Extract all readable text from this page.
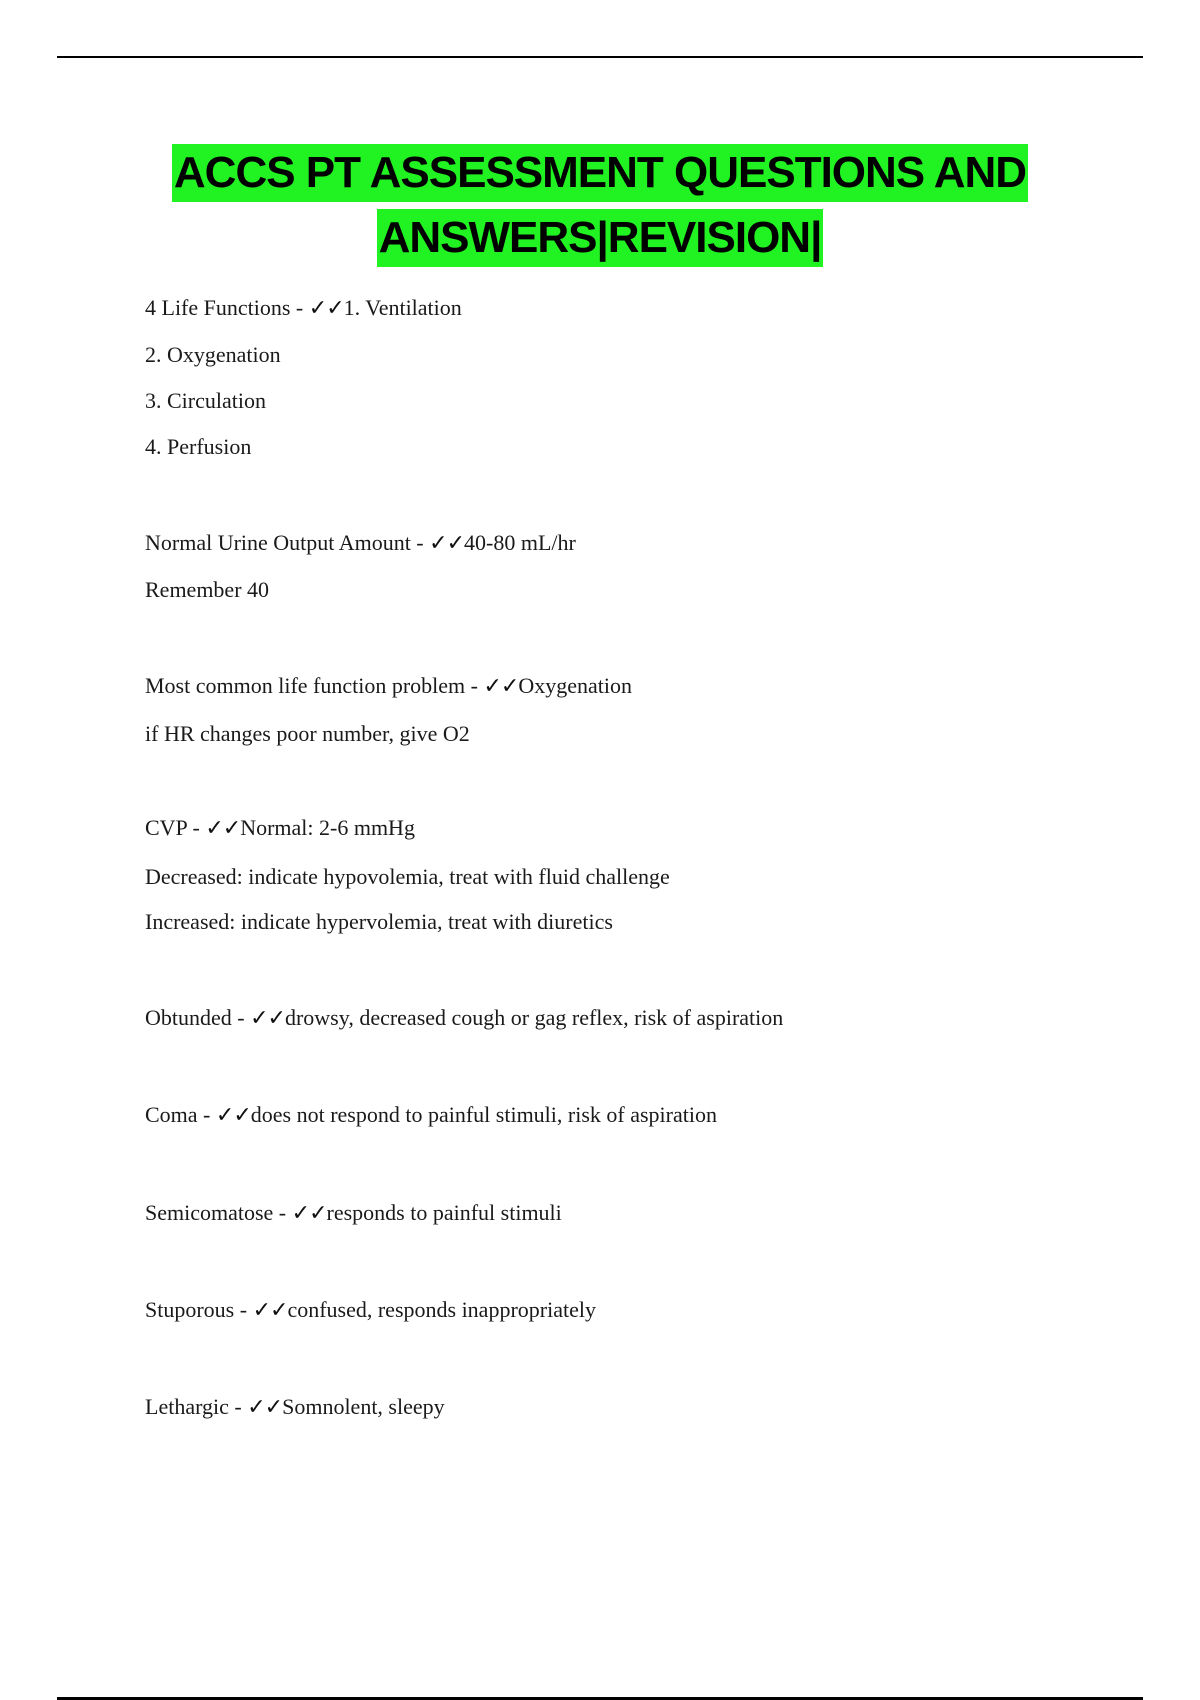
ACCS PT ASSESSMENT QUESTIONS AND
ANSWERS|REVISION|
4 Life Functions - ✓✓1. Ventilation
2. Oxygenation
3. Circulation
4. Perfusion
Normal Urine Output Amount - ✓✓40-80 mL/hr
Remember 40
Most common life function problem - ✓✓Oxygenation
if HR changes poor number, give O2
CVP - ✓✓Normal: 2-6 mmHg
Decreased: indicate hypovolemia, treat with fluid challenge
Increased: indicate hypervolemia, treat with diuretics
Obtunded - ✓✓drowsy, decreased cough or gag reflex, risk of aspiration
Coma - ✓✓does not respond to painful stimuli, risk of aspiration
Semicomatose - ✓✓responds to painful stimuli
Stuporous - ✓✓confused, responds inappropriately
Lethargic - ✓✓Somnolent, sleepy
